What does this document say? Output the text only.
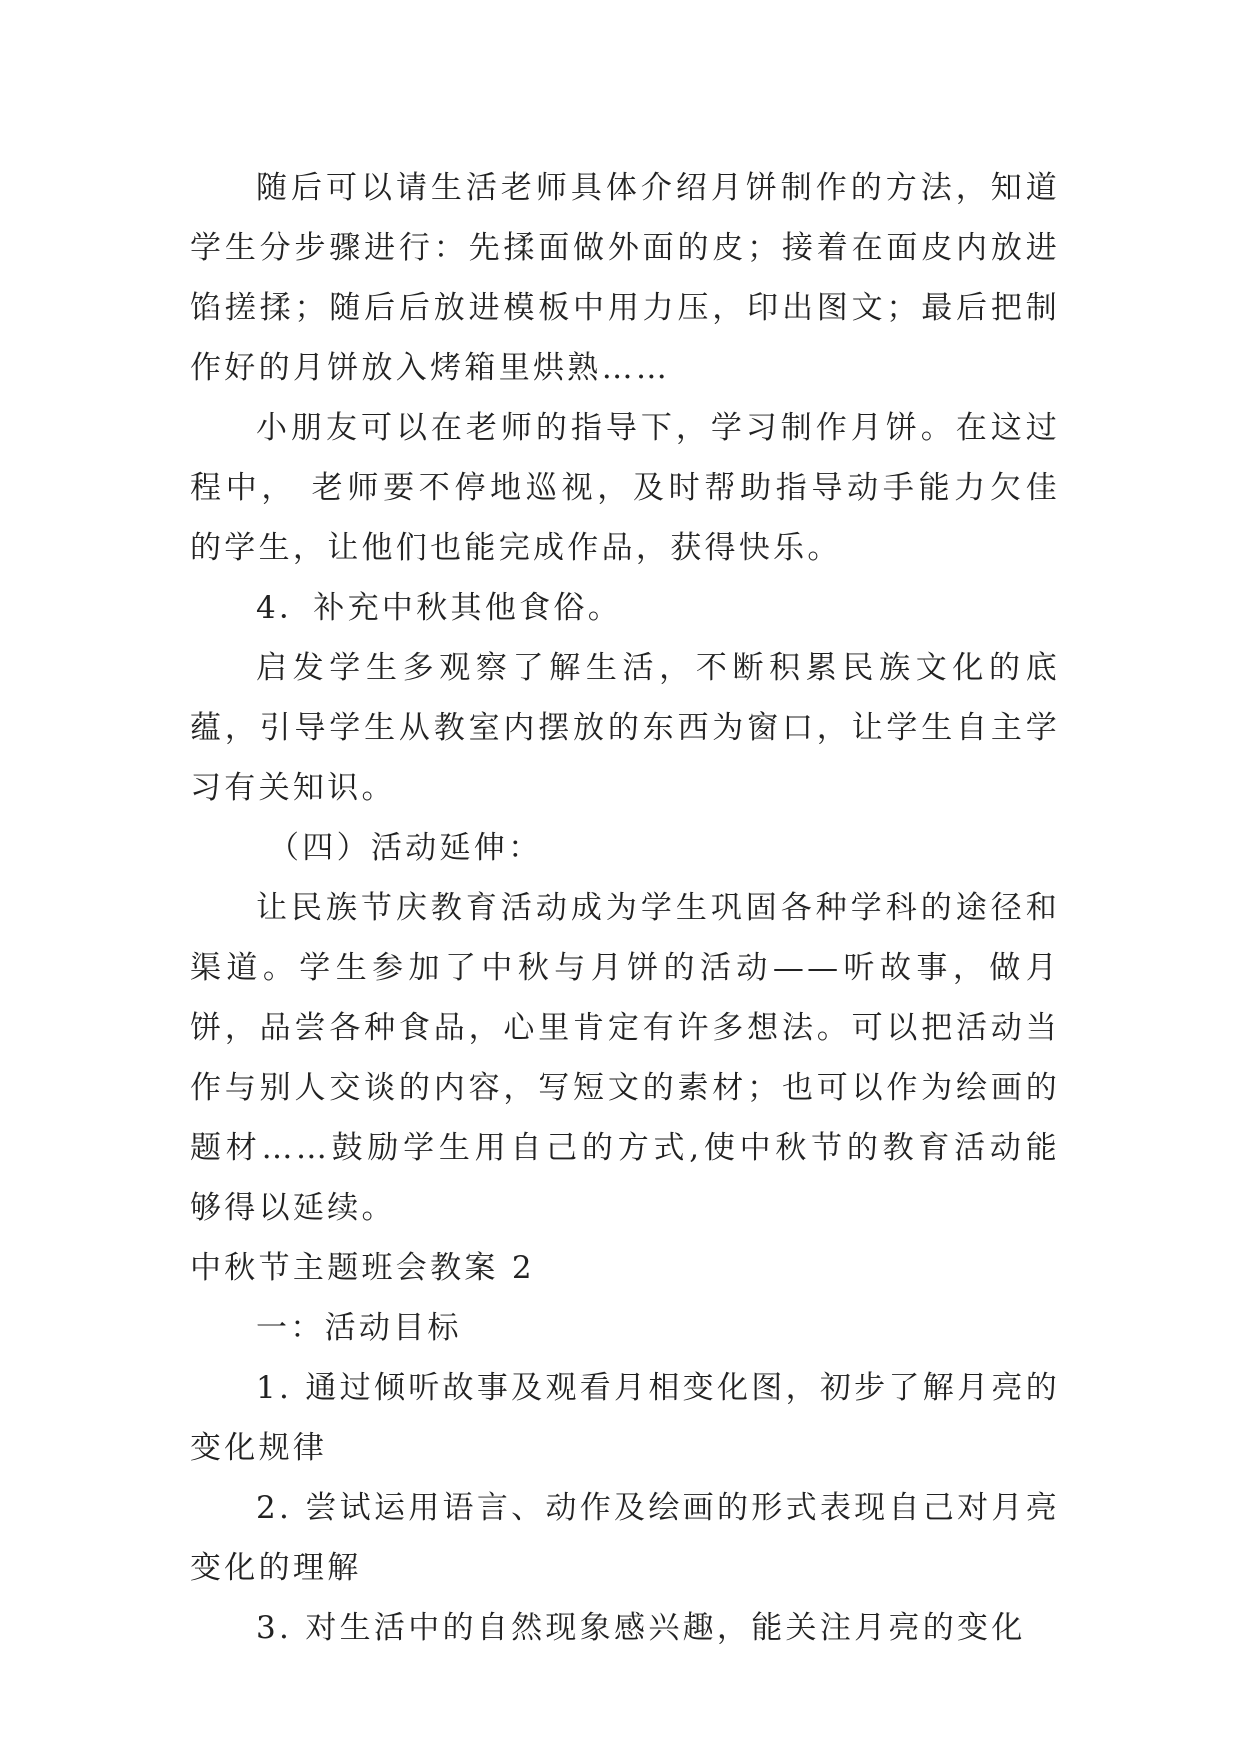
随后可以请生活老师具体介绍月饼制作的方法，知道学生分步骤进行：先揉面做外面的皮；接着在面皮内放进馅搓揉；随后后放进模板中用力压，印出图文；最后把制作好的月饼放入烤箱里烘熟……

小朋友可以在老师的指导下，学习制作月饼。在这过程中， 老师要不停地巡视，及时帮助指导动手能力欠佳的学生，让他们也能完成作品，获得快乐。

4．补充中秋其他食俗。

启发学生多观察了解生活，不断积累民族文化的底蕴，引导学生从教室内摆放的东西为窗口，让学生自主学习有关知识。

（四）活动延伸：

让民族节庆教育活动成为学生巩固各种学科的途径和渠道。学生参加了中秋与月饼的活动——听故事，做月饼，品尝各种食品，心里肯定有许多想法。可以把活动当作与别人交谈的内容，写短文的素材；也可以作为绘画的题材……鼓励学生用自己的方式,使中秋节的教育活动能够得以延续。

中秋节主题班会教案 2

一：活动目标

1. 通过倾听故事及观看月相变化图，初步了解月亮的变化规律

2. 尝试运用语言、动作及绘画的形式表现自己对月亮变化的理解

3. 对生活中的自然现象感兴趣，能关注月亮的变化
